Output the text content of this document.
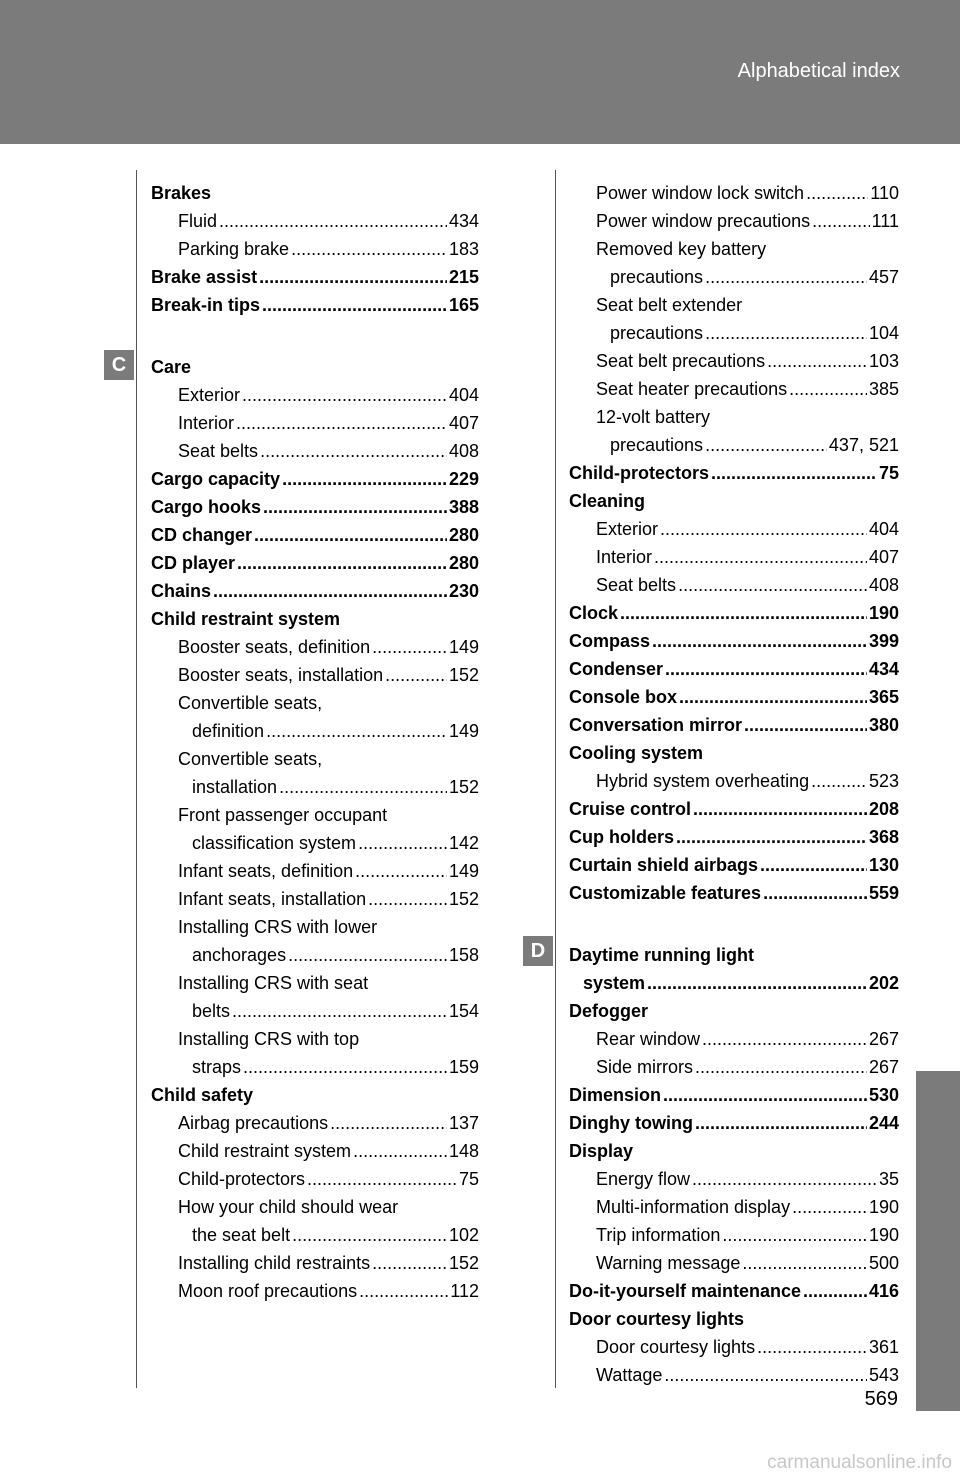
Alphabetical index
C
D
Brakes
Fluid .....	434
Parking brake .....	183
Brake assist .....	215
Break-in tips .....	165
Care
Exterior .....	404
Interior .....	407
Seat belts .....	408
Cargo capacity .....	229
Cargo hooks .....	388
CD changer .....	280
CD player .....	280
Chains .....	230
Child restraint system
Booster seats, definition .....	149
Booster seats, installation .....	152
Convertible seats,
definition .....	149
Convertible seats,
installation .....	152
Front passenger occupant
classification system .....	142
Infant seats, definition .....	149
Infant seats, installation .....	152
Installing CRS with lower
anchorages .....	158
Installing CRS with seat
belts .....	154
Installing CRS with top
straps .....	159
Child safety
Airbag precautions .....	137
Child restraint system .....	148
Child-protectors .....	75
How your child should wear
the seat belt .....	102
Installing child restraints .....	152
Moon roof precautions .....	112
Power window lock switch .....	110
Power window precautions .....	111
Removed key battery
precautions .....	457
Seat belt extender
precautions .....	104
Seat belt precautions .....	103
Seat heater precautions .....	385
12-volt battery
precautions .....	437, 521
Child-protectors .....	75
Cleaning
Exterior .....	404
Interior .....	407
Seat belts .....	408
Clock .....	190
Compass .....	399
Condenser .....	434
Console box .....	365
Conversation mirror .....	380
Cooling system
Hybrid system overheating .....	523
Cruise control .....	208
Cup holders .....	368
Curtain shield airbags .....	130
Customizable features .....	559
Daytime running light
system .....	202
Defogger
Rear window .....	267
Side mirrors .....	267
Dimension .....	530
Dinghy towing .....	244
Display
Energy flow .....	35
Multi-information display .....	190
Trip information .....	190
Warning message .....	500
Do-it-yourself maintenance .....	416
Door courtesy lights
Door courtesy lights .....	361
Wattage .....	543
569
carmanualsonline.info
